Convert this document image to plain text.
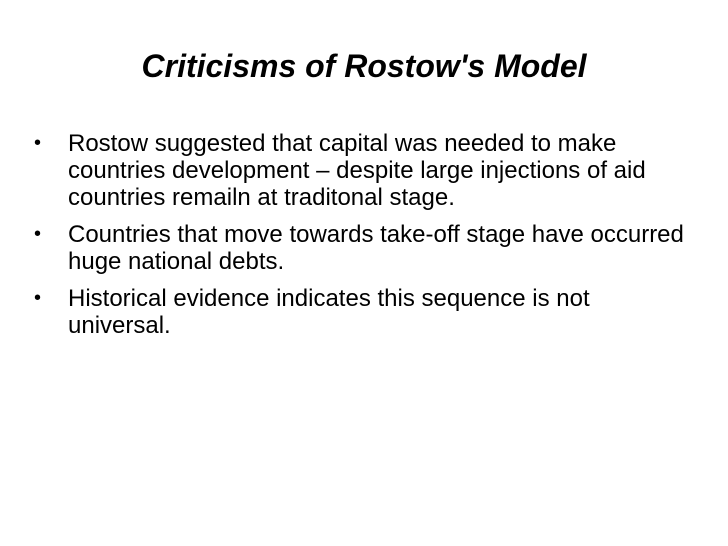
Criticisms of Rostow's Model
•	Rostow suggested that capital was needed to make countries development – despite large injections of aid countries remailn at traditonal stage.
•	Countries that move towards take-off stage have occurred huge national debts.
•	Historical evidence indicates this sequence is not universal.
